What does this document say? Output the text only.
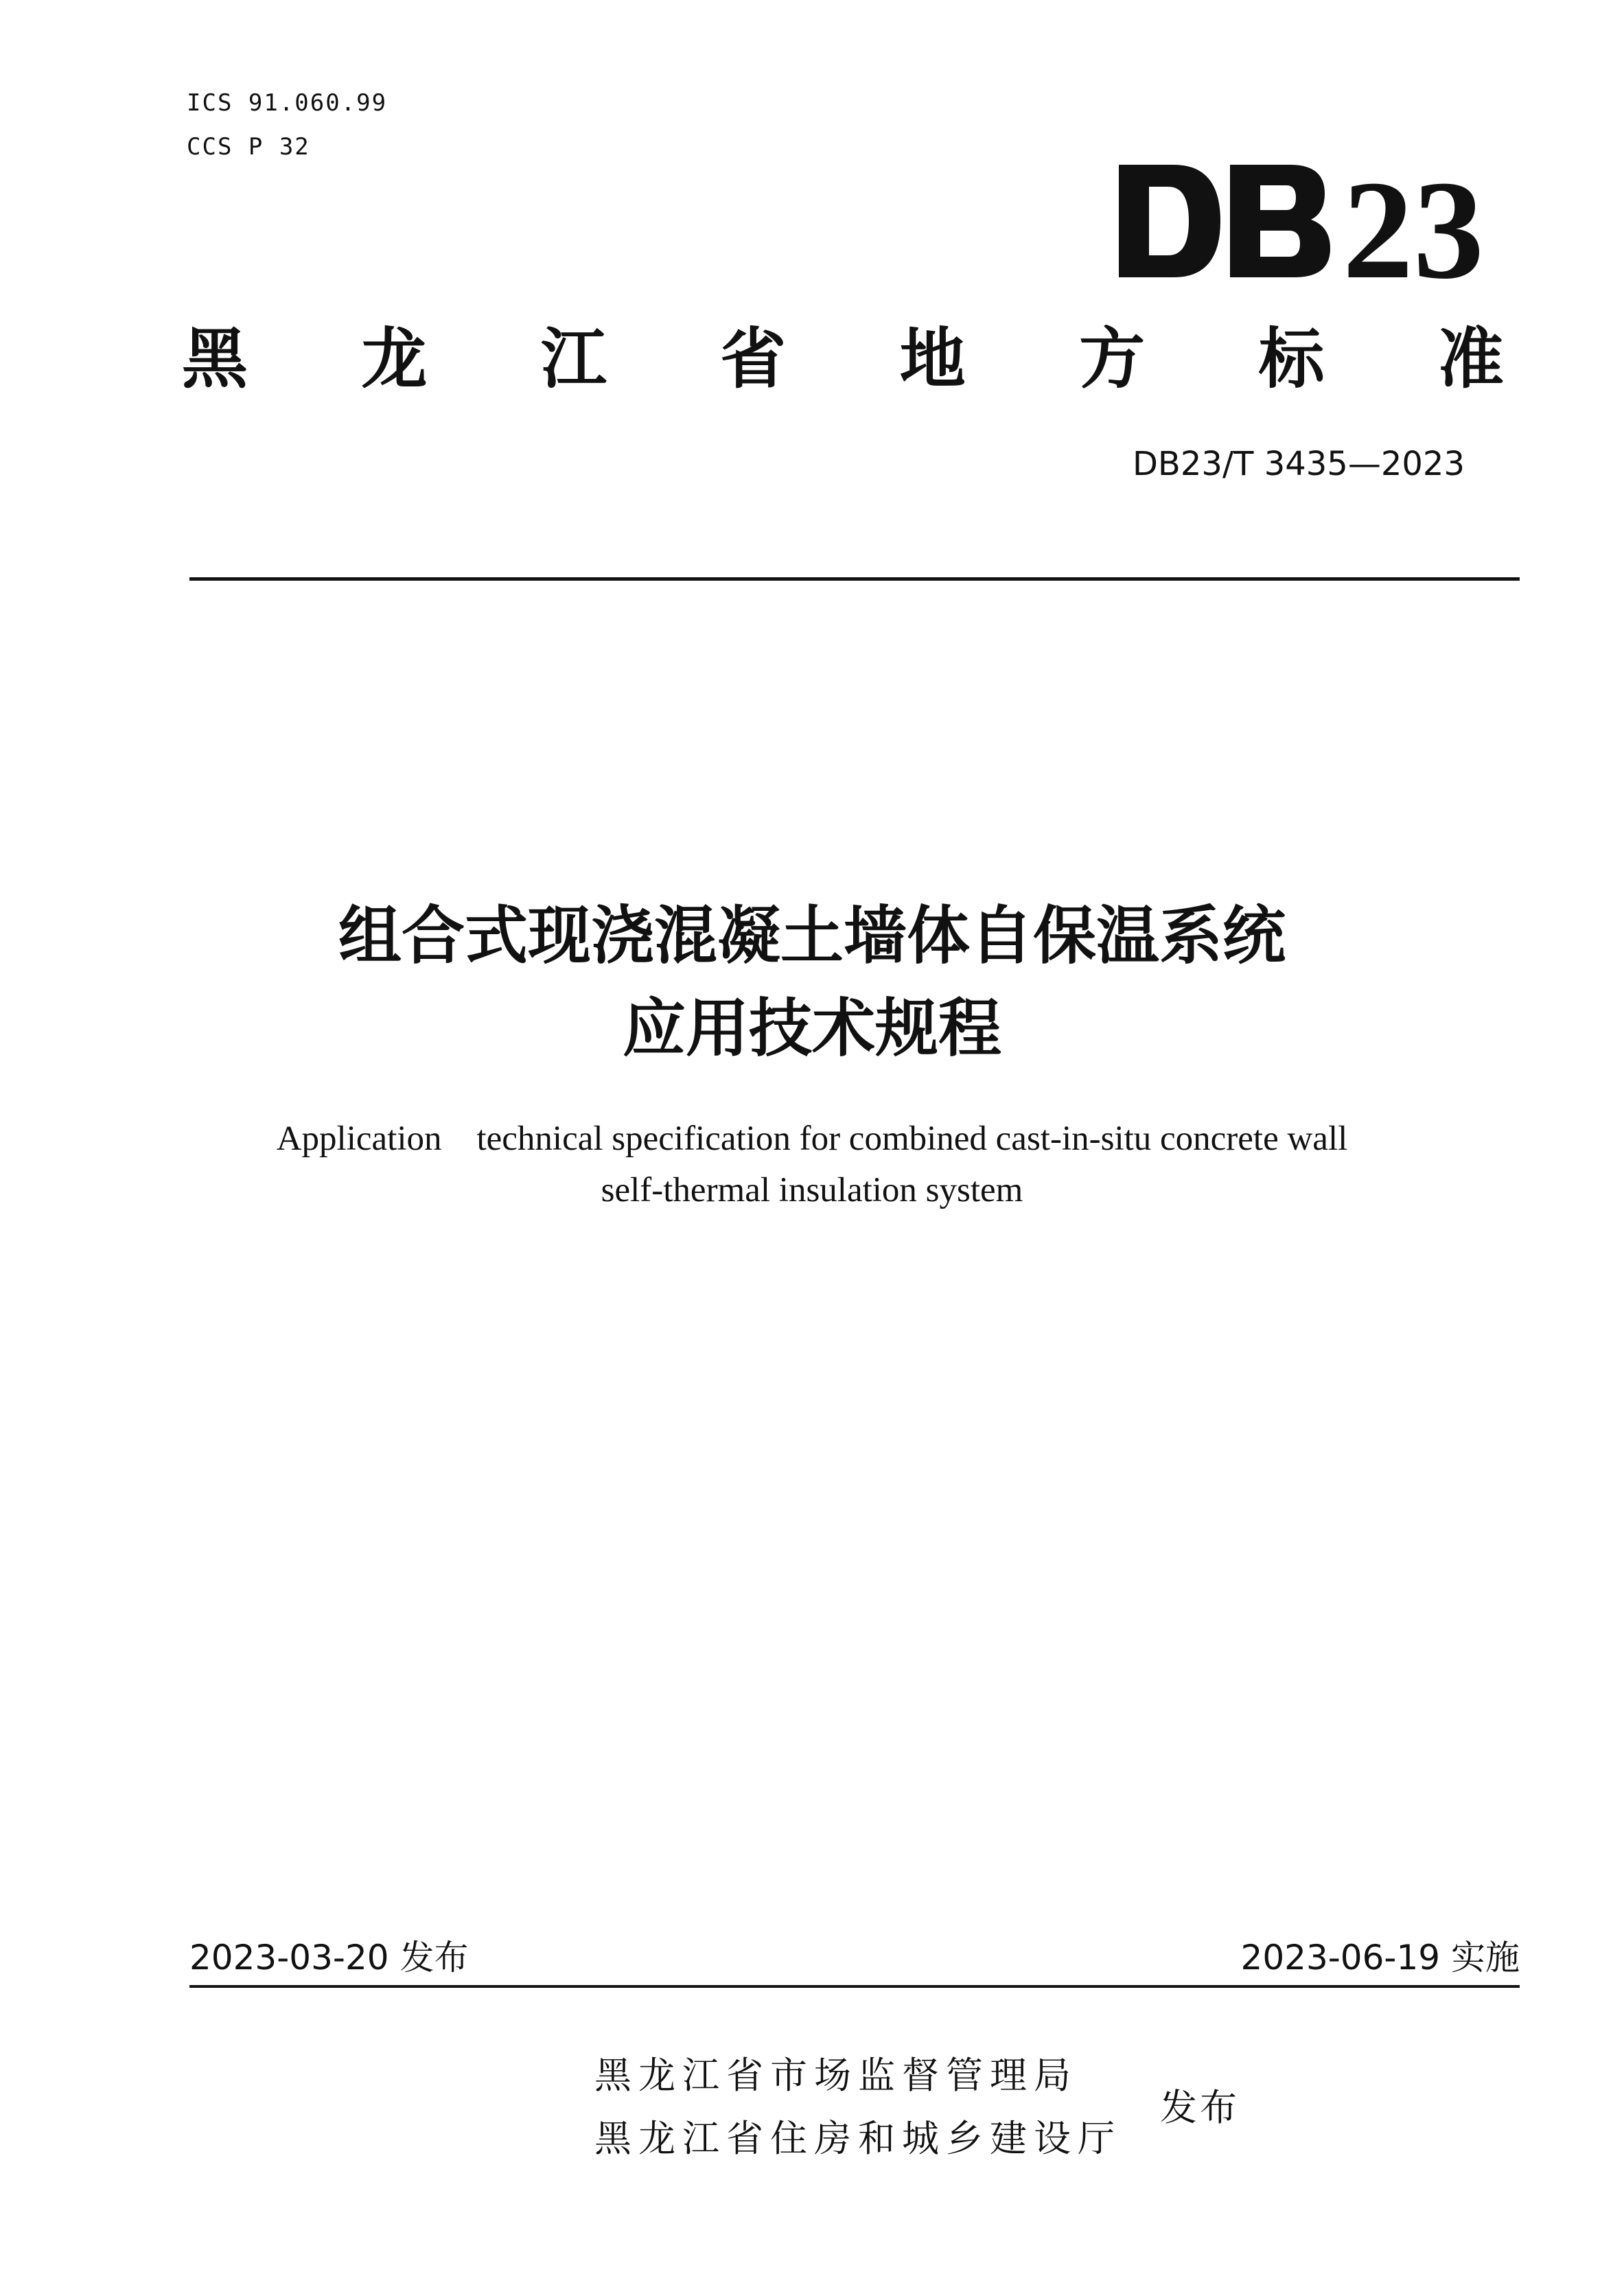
ICS 91.060.99
CCS P 32
23
黑 龙 江 省 地 方 标 准
DB23/T 3435—2023
组合式现浇混凝土墙体自保温系统
应用技术规程
Application    technical specification for combined cast-in-situ concrete wall
self-thermal insulation system
2023-03-20 发布	2023-06-19 实施
黑龙江省市场监督管理局
黑龙江省住房和城乡建设厅
发布
